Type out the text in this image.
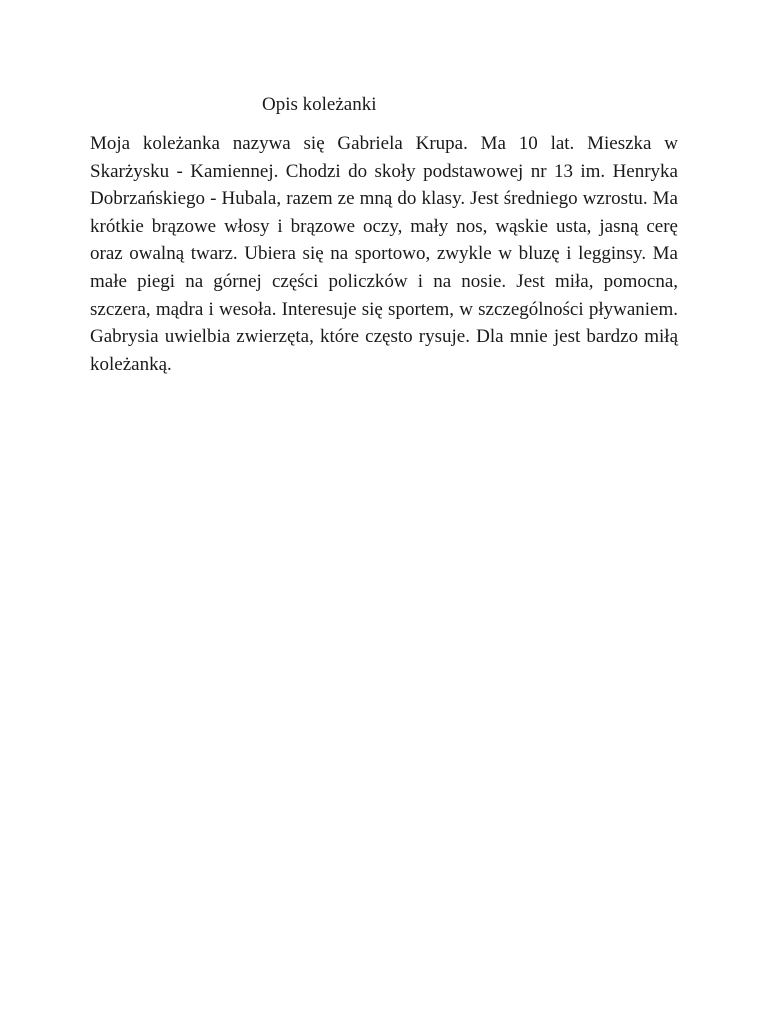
Opis koleżanki

Moja koleżanka nazywa się Gabriela Krupa. Ma 10 lat. Mieszka w Skarżysku - Kamiennej. Chodzi do skoły podstawowej nr 13 im. Henryka Dobrzańskiego - Hubala, razem ze mną do klasy. Jest średniego wzrostu. Ma krótkie brązowe włosy i brązowe oczy, mały nos, wąskie usta, jasną cerę oraz owalną twarz. Ubiera się na sportowo, zwykle w bluzę i legginsy. Ma małe piegi na górnej części policzków i na nosie. Jest miła, pomocna, szczera, mądra i wesoła. Interesuje się sportem, w szczególności pływaniem. Gabrysia uwielbia zwierzęta, które często rysuje. Dla mnie jest bardzo miłą koleżanką.
